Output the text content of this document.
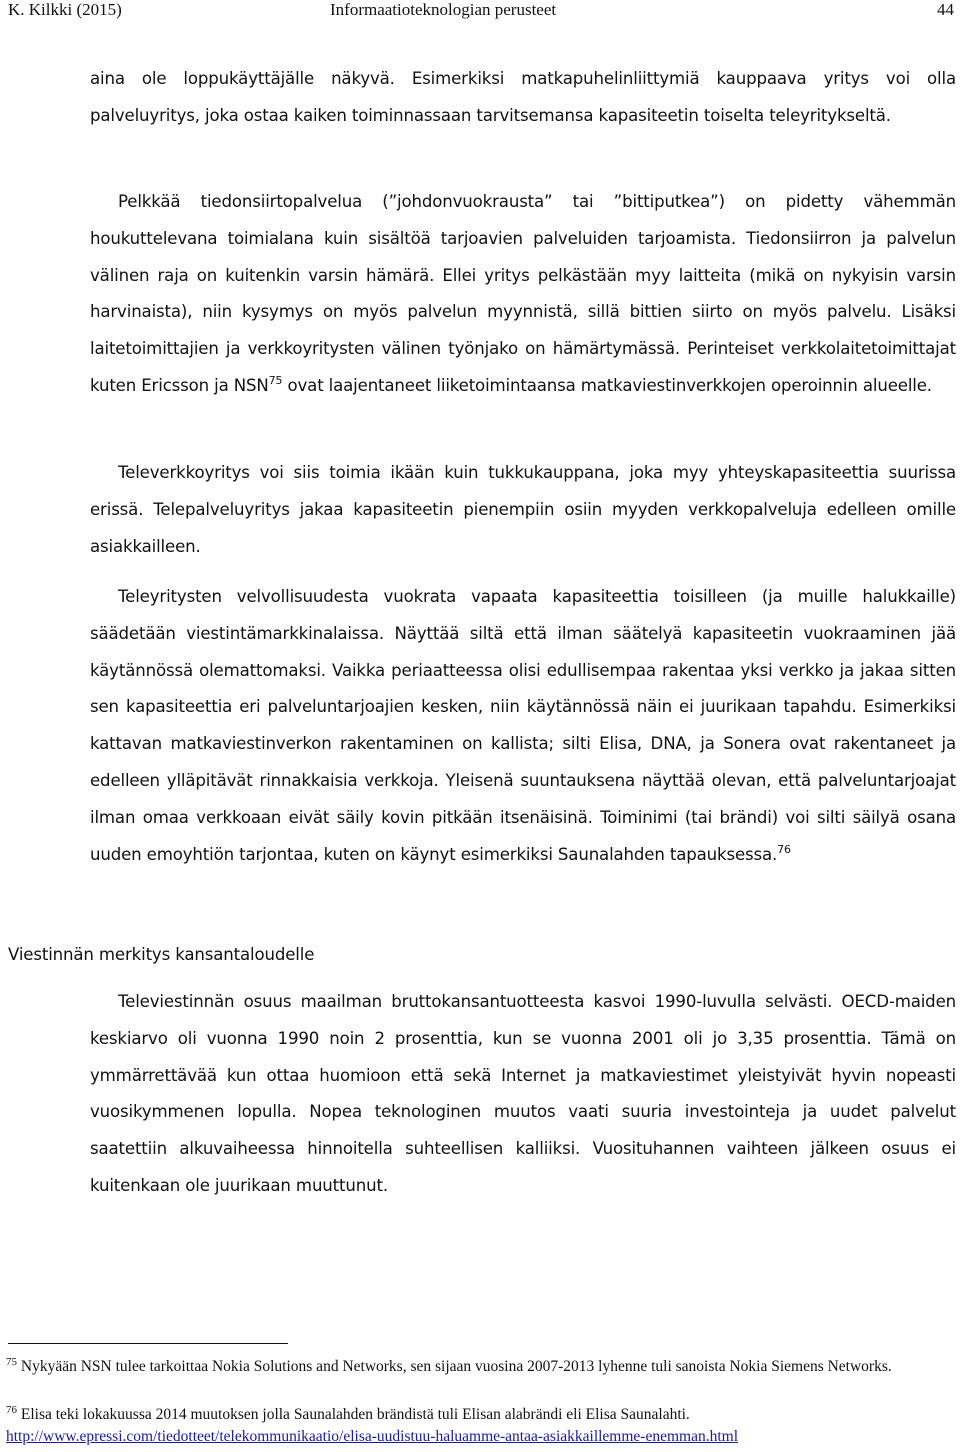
K. Kilkki (2015)	Informaatioteknologian perusteet	44

aina ole loppukäyttäjälle näkyvä. Esimerkiksi matkapuhelinliittymiä kauppaava yritys voi olla palveluyritys, joka ostaa kaiken toiminnassaan tarvitsemansa kapasiteetin toiselta teleyritykseltä.

Pelkkää tiedonsiirtopalvelua (”johdonvuokrausta” tai ”bittiputkea”) on pidetty vähemmän houkuttelevana toimialana kuin sisältöä tarjoavien palveluiden tarjoamista. Tiedonsiirron ja palvelun välinen raja on kuitenkin varsin hämärä. Ellei yritys pelkästään myy laitteita (mikä on nykyisin varsin harvinaista), niin kysymys on myös palvelun myynnistä, sillä bittien siirto on myös palvelu. Lisäksi laitetoimittajien ja verkkoyritysten välinen työnjako on hämärtymässä. Perinteiset verkkolaitetoimittajat kuten Ericsson ja NSN$^{75}$ ovat laajentaneet liiketoimintaansa matkaviestinverkkojen operoinnin alueelle.

Televerkkoyritys voi siis toimia ikään kuin tukkukauppana, joka myy yhteyskapasiteettia suurissa erissä. Telepalveluyritys jakaa kapasiteetin pienempiin osiin myyden verkkopalveluja edelleen omille asiakkailleen.

Teleyritysten velvollisuudesta vuokrata vapaata kapasiteettia toisilleen (ja muille halukkaille) säädetään viestintämarkkinalaissa. Näyttää siltä että ilman säätelyä kapasiteetin vuokraaminen jää käytännössä olemattomaksi. Vaikka periaatteessa olisi edullisempaa rakentaa yksi verkko ja jakaa sitten sen kapasiteettia eri palveluntarjoajien kesken, niin käytännössä näin ei juurikaan tapahdu. Esimerkiksi kattavan matkaviestinverkon rakentaminen on kallista; silti Elisa, DNA, ja Sonera ovat rakentaneet ja edelleen ylläpitävät rinnakkaisia verkkoja. Yleisenä suuntauksena näyttää olevan, että palveluntarjoajat ilman omaa verkkoaan eivät säily kovin pitkään itsenäisinä. Toiminimi (tai brändi) voi silti säilyä osana uuden emoyhtiön tarjontaa, kuten on käynyt esimerkiksi Saunalahden tapauksessa.$^{76}$

Viestinnän merkitys kansantaloudelle

Televiestinnän osuus maailman bruttokansantuotteesta kasvoi 1990-luvulla selvästi. OECD-maiden keskiarvo oli vuonna 1990 noin 2 prosenttia, kun se vuonna 2001 oli jo 3,35 prosenttia. Tämä on ymmärrettävää kun ottaa huomioon että sekä Internet ja matkaviestimet yleistyivät hyvin nopeasti vuosikymmenen lopulla. Nopea teknologinen muutos vaati suuria investointeja ja uudet palvelut saatettiin alkuvaiheessa hinnoitella suhteellisen kalliiksi. Vuosituhannen vaihteen jälkeen osuus ei kuitenkaan ole juurikaan muuttunut.

$^{75}$ Nykyään NSN tulee tarkoittaa Nokia Solutions and Networks, sen sijaan vuosina 2007-2013 lyhenne tuli sanoista Nokia Siemens Networks.

$^{76}$ Elisa teki lokakuussa 2014 muutoksen jolla Saunalahden brändistä tuli Elisan alabrändi eli Elisa Saunalahti.
http://www.epressi.com/tiedotteet/telekommunikaatio/elisa-uudistuu-haluamme-antaa-asiakkaillemme-enemman.html
